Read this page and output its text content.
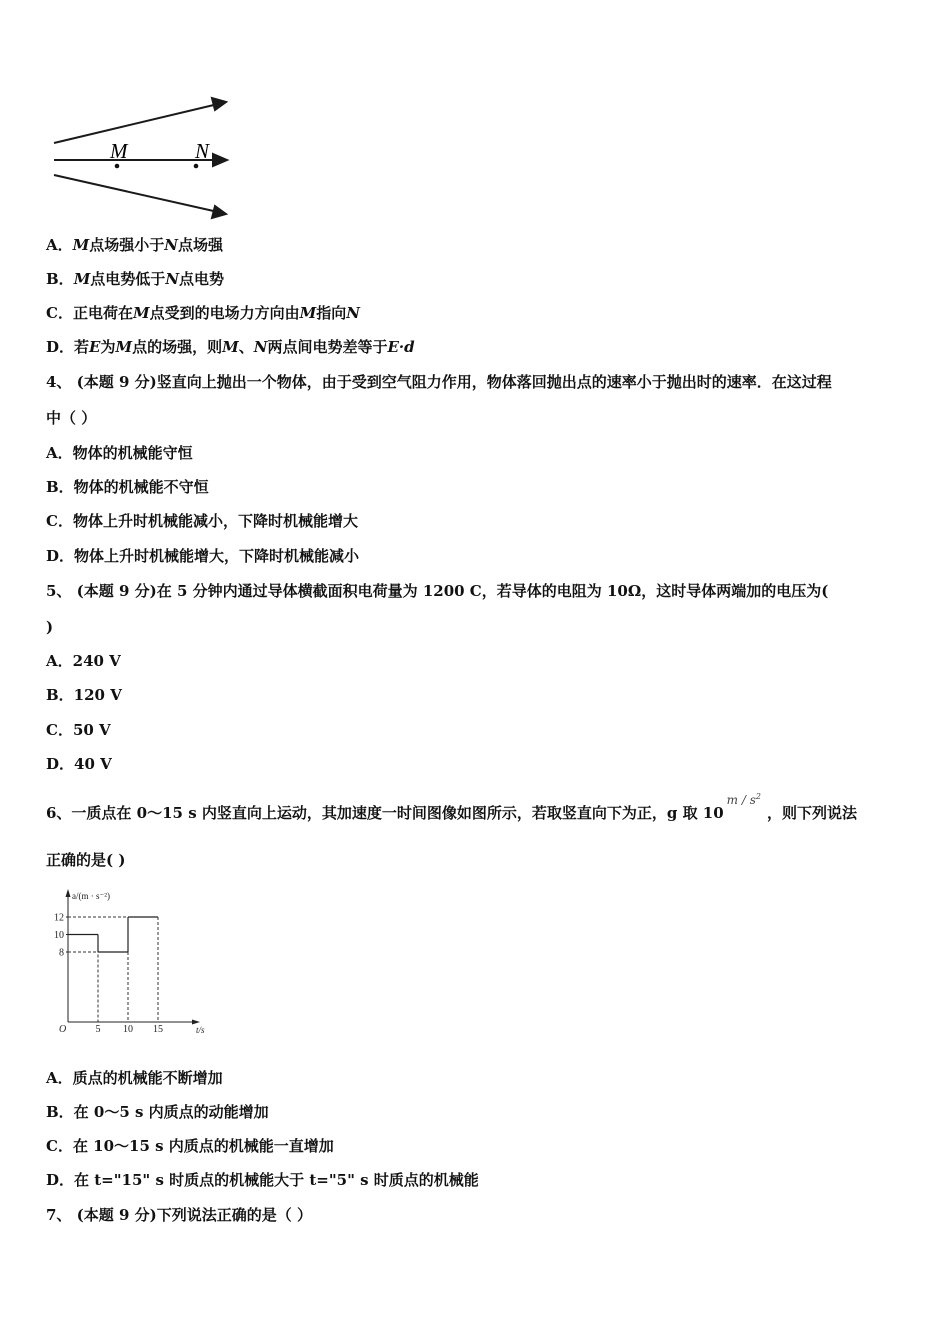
M	N
A．M点场强小于N点场强
B．M点电势低于N点电势
C．正电荷在M点受到的电场力方向由M指向N
D．若E为M点的场强，则M、N两点间电势差等于E·d
4、 (本题 9 分)竖直向上抛出一个物体，由于受到空气阻力作用，物体落回抛出点的速率小于抛出时的速率．在这过程
中（ ）
A．物体的机械能守恒
B．物体的机械能不守恒
C．物体上升时机械能减小，下降时机械能增大
D．物体上升时机械能增大，下降时机械能减小
5、 (本题 9 分)在 5 分钟内通过导体横截面积电荷量为 1200 C，若导体的电阻为 10Ω，这时导体两端加的电压为(
)
A．240 V
B．120 V
C．50 V
D．40 V
6、一质点在 0～15 s 内竖直向上运动，其加速度一时间图像如图所示，若取竖直向下为正，g 取 $10^{m / s^2}$，则下列说法
正确的是( )
a/(m · s⁻²)
t/s
O
8
10
12
5 10 15
A．质点的机械能不断增加
B．在 0～5 s 内质点的动能增加
C．在 10～15 s 内质点的机械能一直增加
D．在 t="15" s 时质点的机械能大于 t="5" s 时质点的机械能
7、 (本题 9 分)下列说法正确的是（ ）
